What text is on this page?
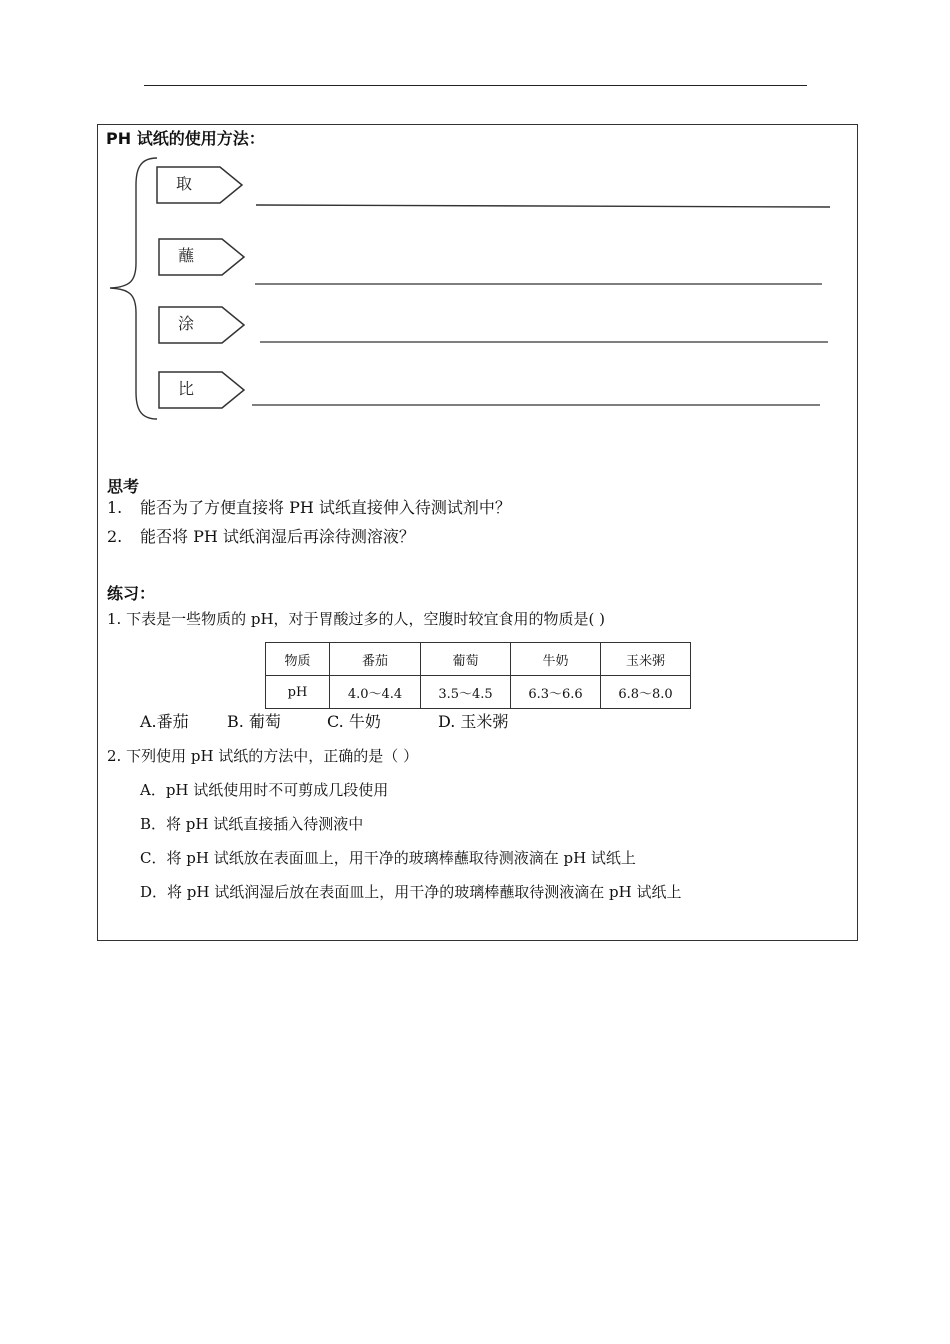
PH 试纸的使用方法：
取
蘸
涂
比
思考
1. 能否为了方便直接将 PH 试纸直接伸入待测试剂中？
2. 能否将 PH 试纸润湿后再涂待测溶液？
练习：
1. 下表是一些物质的 pH，对于胃酸过多的人，空腹时较宜食用的物质是( )
物质	番茄	葡萄	牛奶	玉米粥
pH	4.0～4.4	3.5～4.5	6.3～6.6	6.8～8.0
A.番茄 B. 葡萄	C. 牛奶	D. 玉米粥
2. 下列使用 pH 试纸的方法中，正确的是（ ）
A．pH 试纸使用时不可剪成几段使用
B．将 pH 试纸直接插入待测液中
C．将 pH 试纸放在表面皿上，用干净的玻璃棒蘸取待测液滴在 pH 试纸上
D．将 pH 试纸润湿后放在表面皿上，用干净的玻璃棒蘸取待测液滴在 pH 试纸上
